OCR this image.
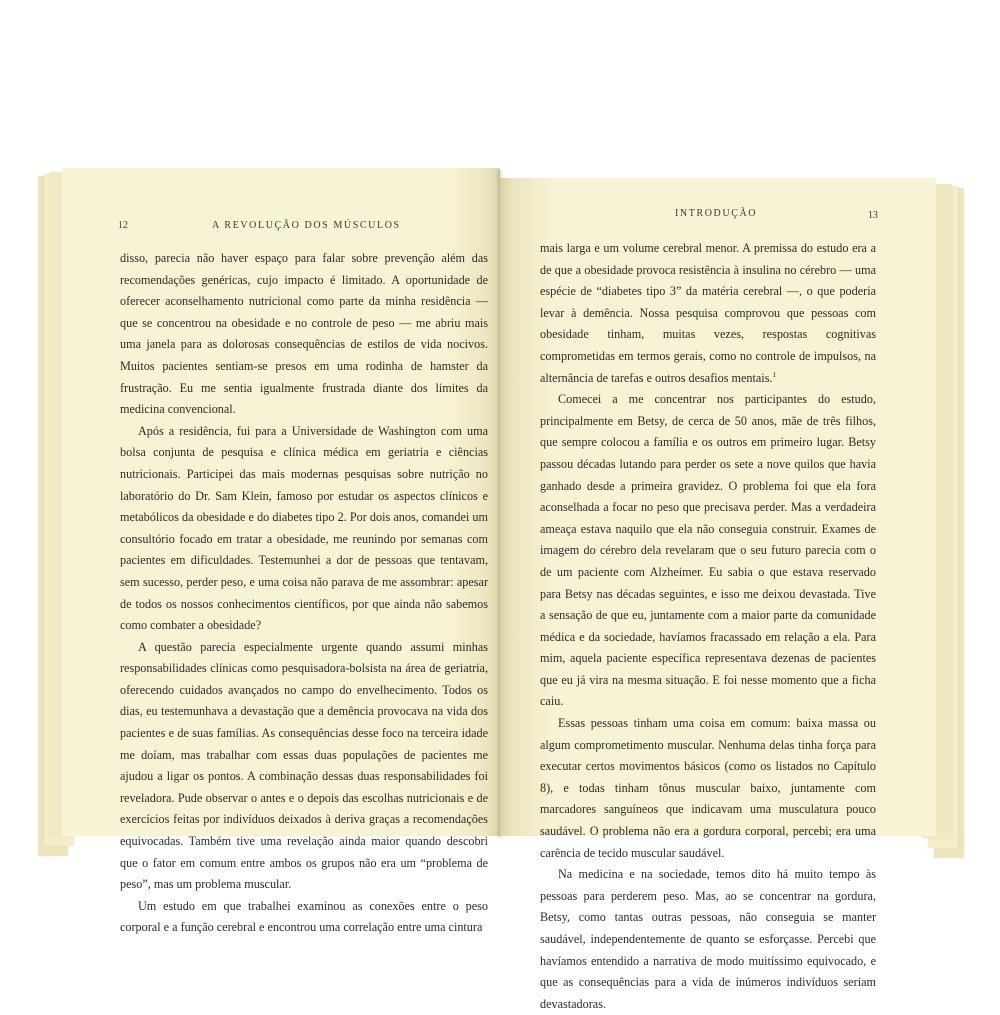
12	A REVOLUÇÃO DOS MÚSCULOS

disso, parecia não haver espaço para falar sobre prevenção além das recomendações genéricas, cujo impacto é limitado. A oportunidade de oferecer aconselhamento nutricional como parte da minha residência — que se concentrou na obesidade e no controle de peso — me abriu mais uma janela para as dolorosas consequências de estilos de vida nocivos. Muitos pacientes sentiam-se presos em uma rodinha de hamster da frustração. Eu me sentia igualmente frustrada diante dos limites da medicina convencional.

Após a residência, fui para a Universidade de Washington com uma bolsa conjunta de pesquisa e clínica médica em geriatria e ciências nutricionais. Participei das mais modernas pesquisas sobre nutrição no laboratório do Dr. Sam Klein, famoso por estudar os aspectos clínicos e metabólicos da obesidade e do diabetes tipo 2. Por dois anos, comandei um consultório focado em tratar a obesidade, me reunindo por semanas com pacientes em dificuldades. Testemunhei a dor de pessoas que tentavam, sem sucesso, perder peso, e uma coisa não parava de me assombrar: apesar de todos os nossos conhecimentos científicos, por que ainda não sabemos como combater a obesidade?

A questão parecia especialmente urgente quando assumi minhas responsabilidades clínicas como pesquisadora-bolsista na área de geriatria, oferecendo cuidados avançados no campo do envelhecimento. Todos os dias, eu testemunhava a devastação que a demência provocava na vida dos pacientes e de suas famílias. As consequências desse foco na terceira idade me doíam, mas trabalhar com essas duas populações de pacientes me ajudou a ligar os pontos. A combinação dessas duas responsabilidades foi reveladora. Pude observar o antes e o depois das escolhas nutricionais e de exercícios feitas por indivíduos deixados à deriva graças a recomendações equivocadas. Também tive uma revelação ainda maior quando descobri que o fator em comum entre ambos os grupos não era um “problema de peso”, mas um problema muscular.

Um estudo em que trabalhei examinou as conexões entre o peso corporal e a função cerebral e encontrou uma correlação entre uma cintura

INTRODUÇÃO	13

mais larga e um volume cerebral menor. A premissa do estudo era a de que a obesidade provoca resistência à insulina no cérebro — uma espécie de “diabetes tipo 3” da matéria cerebral —, o que poderia levar à demência. Nossa pesquisa comprovou que pessoas com obesidade tinham, muitas vezes, respostas cognitivas comprometidas em termos gerais, como no controle de impulsos, na alternância de tarefas e outros desafios mentais.$^1$

Comecei a me concentrar nos participantes do estudo, principalmente em Betsy, de cerca de 50 anos, mãe de três filhos, que sempre colocou a família e os outros em primeiro lugar. Betsy passou décadas lutando para perder os sete a nove quilos que havia ganhado desde a primeira gravidez. O problema foi que ela fora aconselhada a focar no peso que precisava perder. Mas a verdadeira ameaça estava naquilo que ela não conseguia construir. Exames de imagem do cérebro dela revelaram que o seu futuro parecia com o de um paciente com Alzheimer. Eu sabia o que estava reservado para Betsy nas décadas seguintes, e isso me deixou devastada. Tive a sensação de que eu, juntamente com a maior parte da comunidade médica e da sociedade, havíamos fracassado em relação a ela. Para mim, aquela paciente específica representava dezenas de pacientes que eu já vira na mesma situação. E foi nesse momento que a ficha caiu.

Essas pessoas tinham uma coisa em comum: baixa massa ou algum comprometimento muscular. Nenhuma delas tinha força para executar certos movimentos básicos (como os listados no Capítulo 8), e todas tinham tônus muscular baixo, juntamente com marcadores sanguíneos que indicavam uma musculatura pouco saudável. O problema não era a gordura corporal, percebi; era uma carência de tecido muscular saudável.

Na medicina e na sociedade, temos dito há muito tempo às pessoas para perderem peso. Mas, ao se concentrar na gordura, Betsy, como tantas outras pessoas, não conseguia se manter saudável, independentemente de quanto se esforçasse. Percebi que havíamos entendido a narrativa de modo muitíssimo equivocado, e que as consequências para a vida de inúmeros indivíduos seriam devastadoras.
